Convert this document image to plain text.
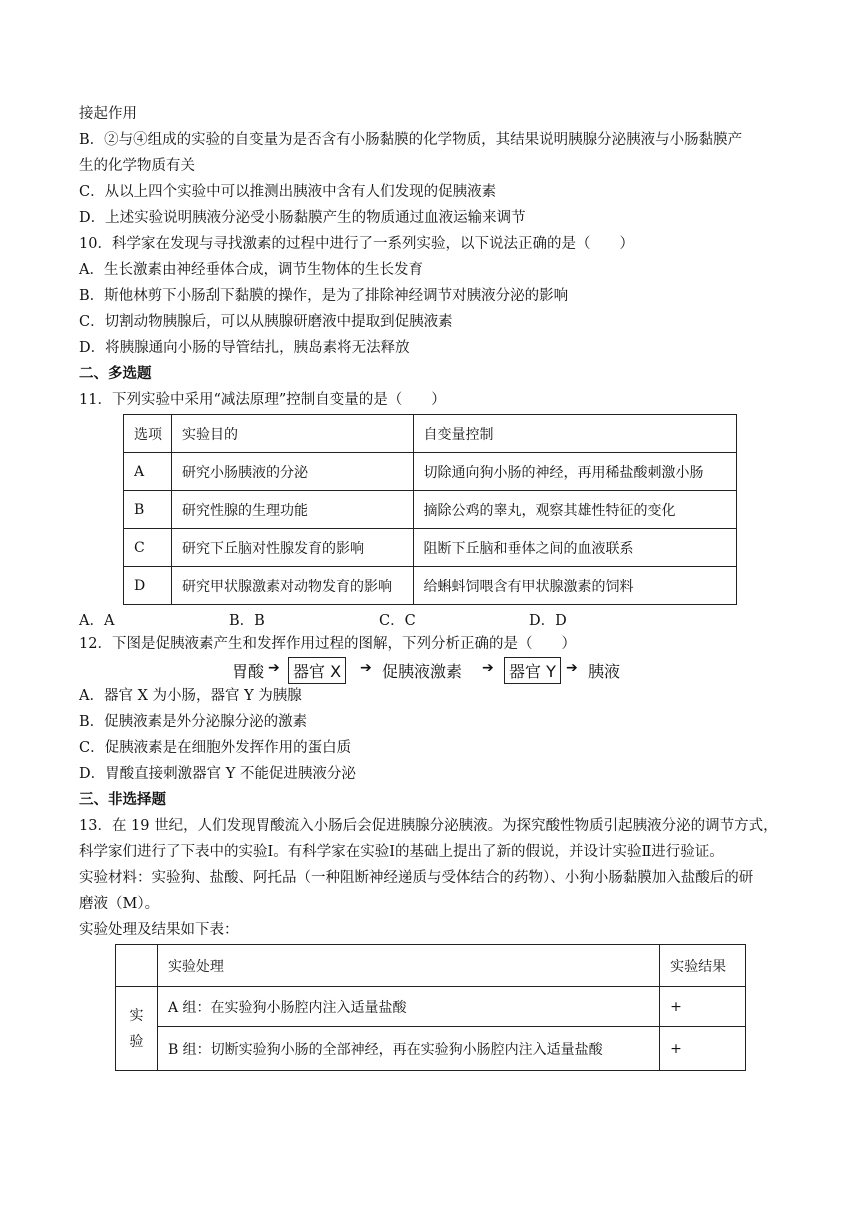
接起作用
B．②与④组成的实验的自变量为是否含有小肠黏膜的化学物质，其结果说明胰腺分泌胰液与小肠黏膜产
生的化学物质有关
C．从以上四个实验中可以推测出胰液中含有人们发现的促胰液素
D．上述实验说明胰液分泌受小肠黏膜产生的物质通过血液运输来调节
10．科学家在发现与寻找激素的过程中进行了一系列实验，以下说法正确的是（　　）
A．生长激素由神经垂体合成，调节生物体的生长发育
B．斯他林剪下小肠刮下黏膜的操作，是为了排除神经调节对胰液分泌的影响
C．切割动物胰腺后，可以从胰腺研磨液中提取到促胰液素
D．将胰腺通向小肠的导管结扎，胰岛素将无法释放
二、多选题
11．下列实验中采用“减法原理”控制自变量的是（　　）
选项	实验目的	自变量控制
A	研究小肠胰液的分泌	切除通向狗小肠的神经，再用稀盐酸刺激小肠
B	研究性腺的生理功能	摘除公鸡的睾丸，观察其雄性特征的变化
C	研究下丘脑对性腺发育的影响	阻断下丘脑和垂体之间的血液联系
D	研究甲状腺激素对动物发育的影响	给蝌蚪饲喂含有甲状腺激素的饲料
A．A	B．B	C．C	D．D
12．下图是促胰液素产生和发挥作用过程的图解，下列分析正确的是（　　）
胃酸 ➔ 器官 X	➔ 促胰液激素 ➔ 器官 Y ➔ 胰液
A．器官 X 为小肠，器官 Y 为胰腺
B．促胰液素是外分泌腺分泌的激素
C．促胰液素是在细胞外发挥作用的蛋白质
D．胃酸直接刺激器官 Y 不能促进胰液分泌
三、非选择题
13．在 19 世纪，人们发现胃酸流入小肠后会促进胰腺分泌胰液。为探究酸性物质引起胰液分泌的调节方式，
科学家们进行了下表中的实验Ⅰ。有科学家在实验Ⅰ的基础上提出了新的假说，并设计实验Ⅱ进行验证。
实验材料：实验狗、盐酸、阿托品（一种阻断神经递质与受体结合的药物）、小狗小肠黏膜加入盐酸后的研
磨液（M）。
实验处理及结果如下表：
	实验处理	实验结果
实
验	A 组：在实验狗小肠腔内注入适量盐酸	+
	B 组：切断实验狗小肠的全部神经，再在实验狗小肠腔内注入适量盐酸	+
